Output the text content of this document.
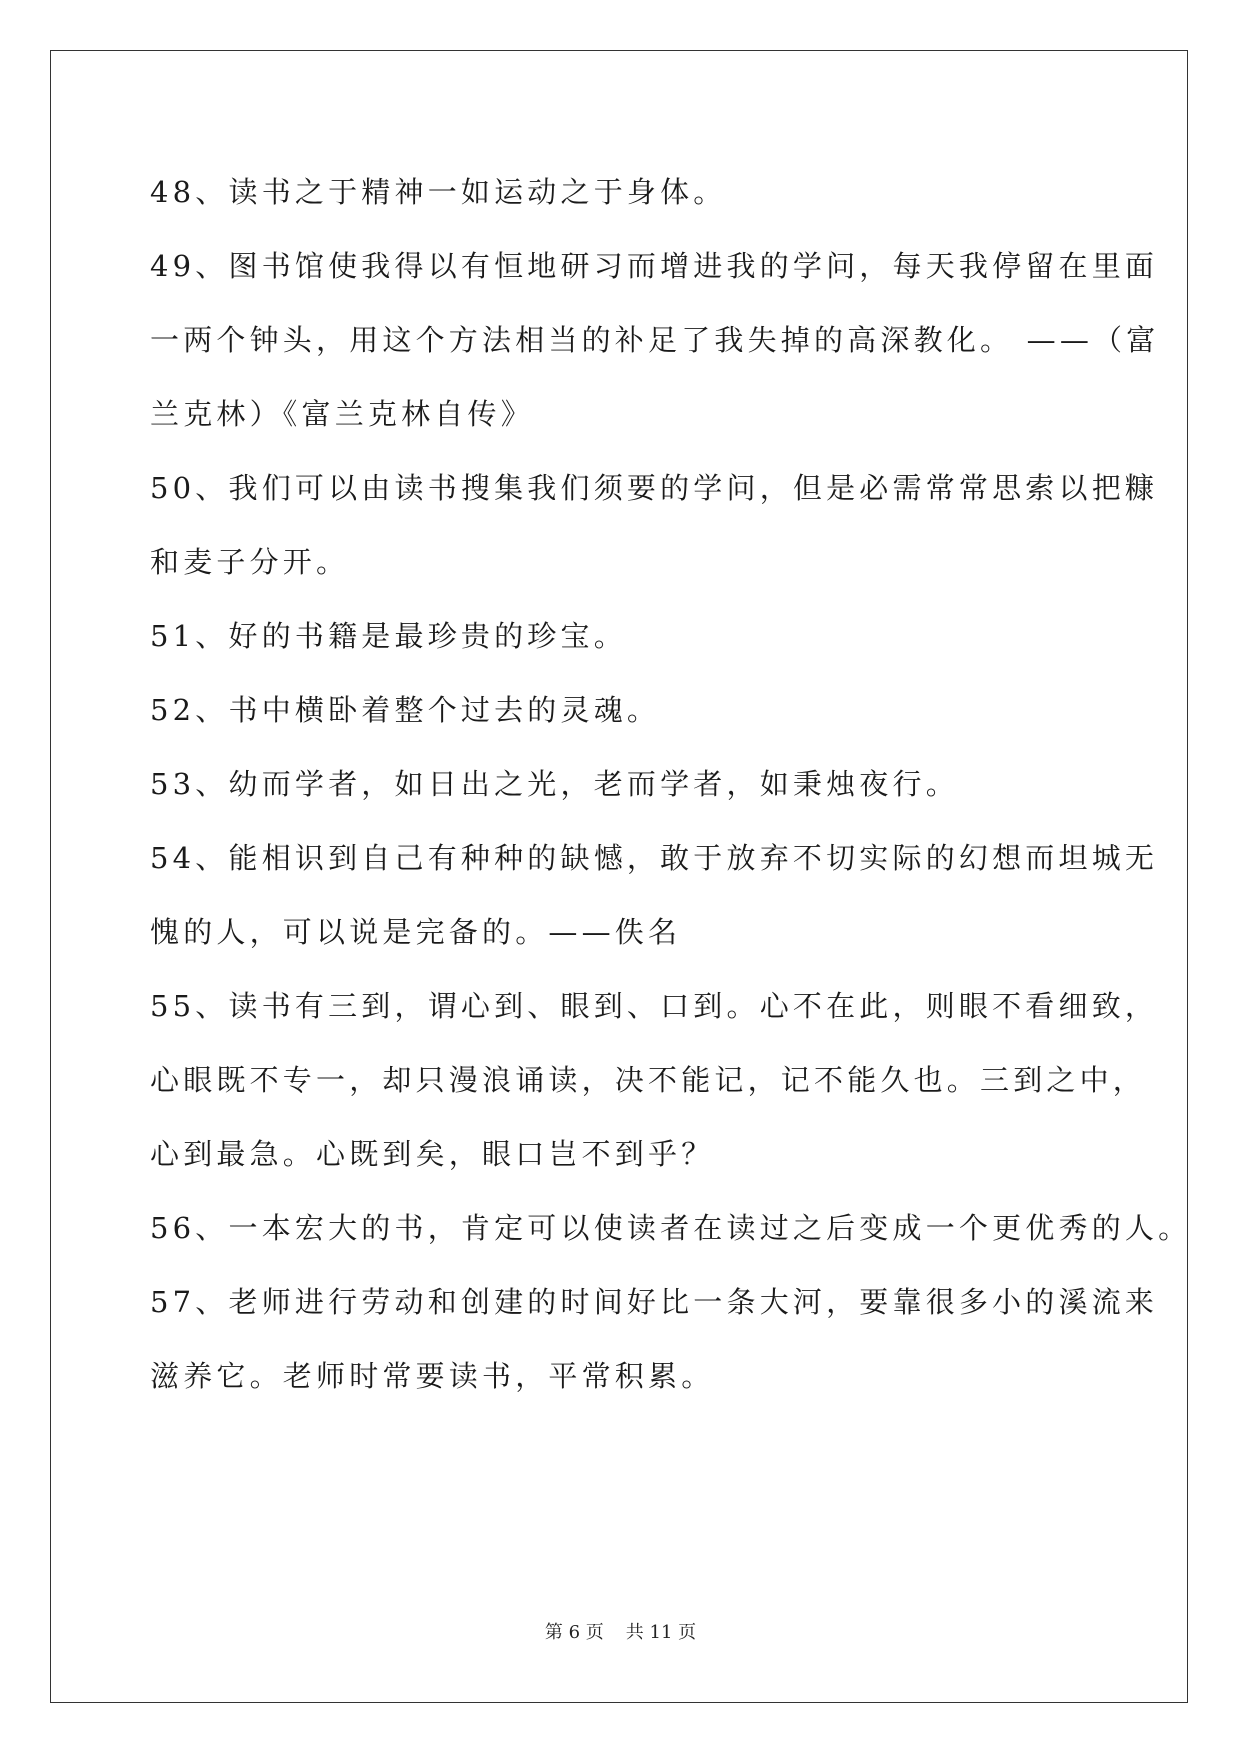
48、读书之于精神一如运动之于身体。
49、图书馆使我得以有恒地研习而增进我的学问，每天我停留在里面
一两个钟头，用这个方法相当的补足了我失掉的高深教化。 ——（富
兰克林）《富兰克林自传》
50、我们可以由读书搜集我们须要的学问，但是必需常常思索以把糠
和麦子分开。
51、好的书籍是最珍贵的珍宝。
52、书中横卧着整个过去的灵魂。
53、幼而学者，如日出之光，老而学者，如秉烛夜行。
54、能相识到自己有种种的缺憾，敢于放弃不切实际的幻想而坦城无
愧的人，可以说是完备的。——佚名
55、读书有三到，谓心到、眼到、口到。心不在此，则眼不看细致，
心眼既不专一，却只漫浪诵读，决不能记，记不能久也。三到之中，
心到最急。心既到矣，眼口岂不到乎？
56、一本宏大的书，肯定可以使读者在读过之后变成一个更优秀的人。
57、老师进行劳动和创建的时间好比一条大河，要靠很多小的溪流来
滋养它。老师时常要读书，平常积累。
第 6 页 共 11 页
